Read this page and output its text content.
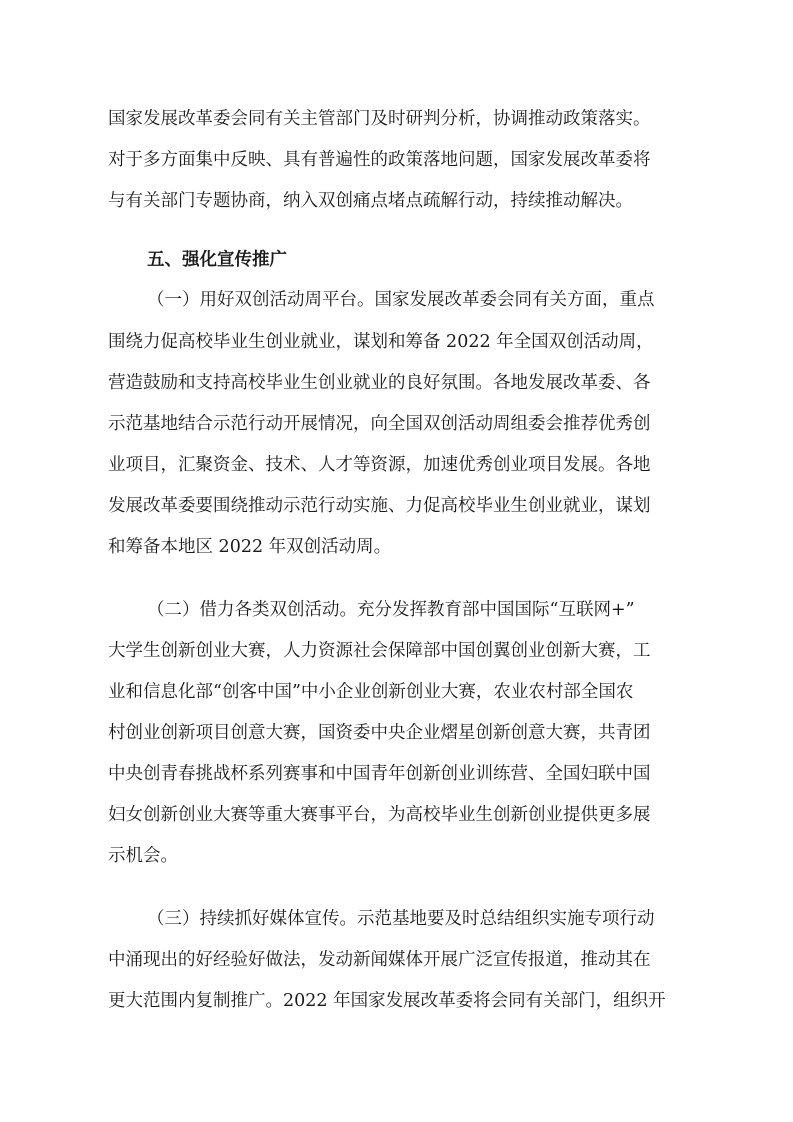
国家发展改革委会同有关主管部门及时研判分析，协调推动政策落实。
对于多方面集中反映、具有普遍性的政策落地问题，国家发展改革委将
与有关部门专题协商，纳入双创痛点堵点疏解行动，持续推动解决。
五、强化宣传推广
（一）用好双创活动周平台。国家发展改革委会同有关方面，重点
围绕力促高校毕业生创业就业，谋划和筹备 2022 年全国双创活动周，
营造鼓励和支持高校毕业生创业就业的良好氛围。各地发展改革委、各
示范基地结合示范行动开展情况，向全国双创活动周组委会推荐优秀创
业项目，汇聚资金、技术、人才等资源，加速优秀创业项目发展。各地
发展改革委要围绕推动示范行动实施、力促高校毕业生创业就业，谋划
和筹备本地区 2022 年双创活动周。
（二）借力各类双创活动。充分发挥教育部中国国际“互联网+”
大学生创新创业大赛，人力资源社会保障部中国创翼创业创新大赛，工
业和信息化部“创客中国”中小企业创新创业大赛，农业农村部全国农
村创业创新项目创意大赛，国资委中央企业熠星创新创意大赛，共青团
中央创青春挑战杯系列赛事和中国青年创新创业训练营、全国妇联中国
妇女创新创业大赛等重大赛事平台，为高校毕业生创新创业提供更多展
示机会。
（三）持续抓好媒体宣传。示范基地要及时总结组织实施专项行动
中涌现出的好经验好做法，发动新闻媒体开展广泛宣传报道，推动其在
更大范围内复制推广。2022 年国家发展改革委将会同有关部门，组织开
